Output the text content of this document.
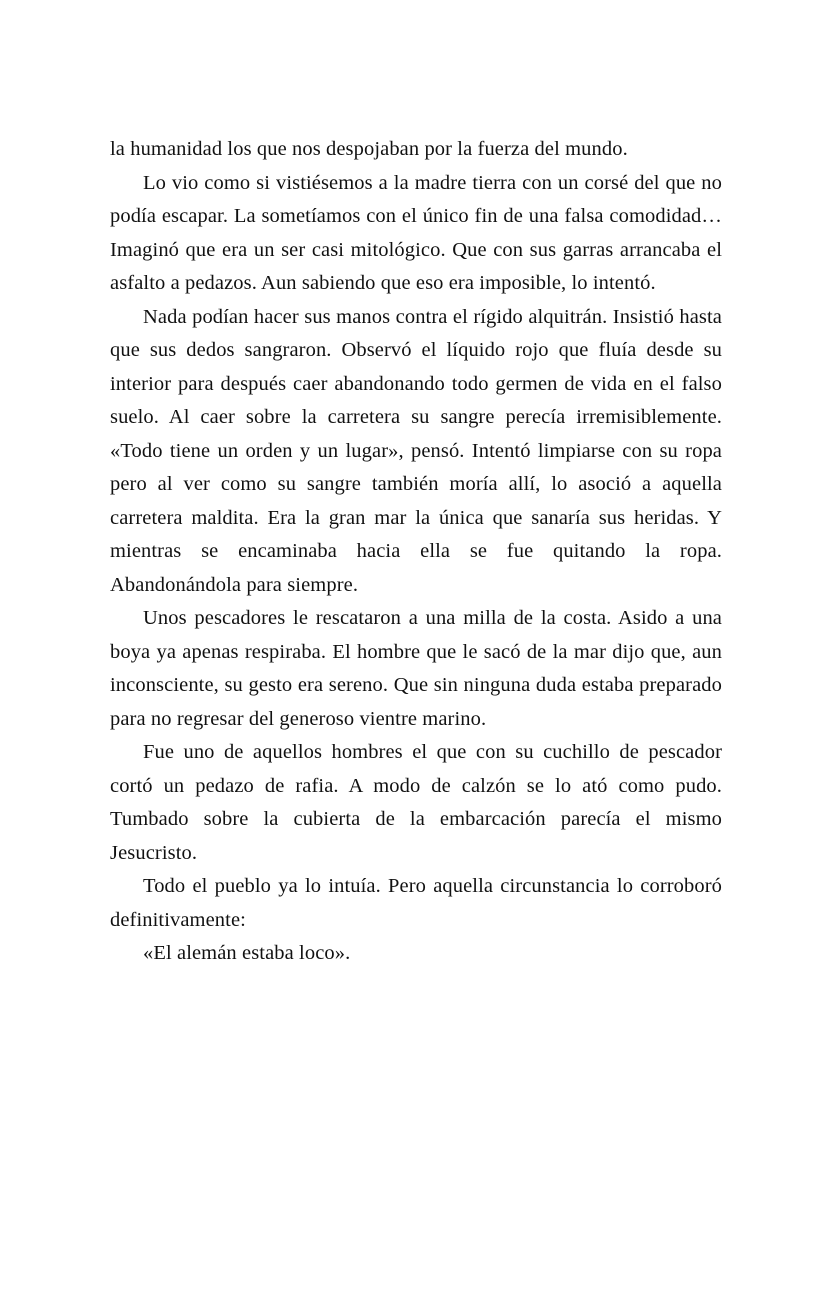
la humanidad los que nos despojaban por la fuerza del mundo.

Lo vio como si vistiésemos a la madre tierra con un corsé del que no podía escapar. La sometíamos con el único fin de una falsa comodidad… Imaginó que era un ser casi mitológico. Que con sus garras arrancaba el asfalto a pedazos. Aun sabiendo que eso era imposible, lo intentó.

Nada podían hacer sus manos contra el rígido alquitrán. Insistió hasta que sus dedos sangraron. Observó el líquido rojo que fluía desde su interior para después caer abandonando todo germen de vida en el falso suelo. Al caer sobre la carretera su sangre perecía irremisiblemente. «Todo tiene un orden y un lugar», pensó. Intentó limpiarse con su ropa pero al ver como su sangre también moría allí, lo asoció a aquella carretera maldita. Era la gran mar la única que sanaría sus heridas. Y mientras se encaminaba hacia ella se fue quitando la ropa. Abandonándola para siempre.

Unos pescadores le rescataron a una milla de la costa. Asido a una boya ya apenas respiraba. El hombre que le sacó de la mar dijo que, aun inconsciente, su gesto era sereno. Que sin ninguna duda estaba preparado para no regresar del generoso vientre marino.

Fue uno de aquellos hombres el que con su cuchillo de pescador cortó un pedazo de rafia. A modo de calzón se lo ató como pudo. Tumbado sobre la cubierta de la embarcación parecía el mismo Jesucristo.

Todo el pueblo ya lo intuía. Pero aquella circunstancia lo corroboró definitivamente:

«El alemán estaba loco».
